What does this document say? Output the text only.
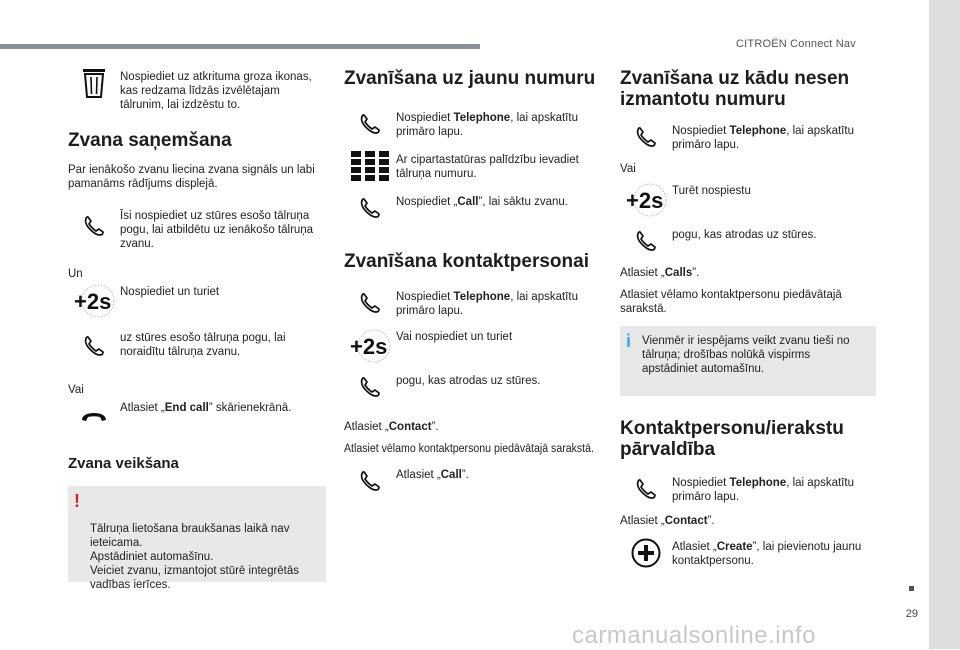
CITROËN Connect Nav
Nospiediet uz atkrituma groza ikonas, kas redzama līdzās izvēlētajam tālrunim, lai izdzēstu to.
Zvana saņemšana

Par ienākošo zvanu liecina zvana signāls un labi pamanāms rādījums displejā.

Īsi nospiediet uz stūres esošo tālruņa pogu, lai atbildētu uz ienākošo tālruņa zvanu.

Un

+2s Nospiediet un turiet
uz stūres esošo tālruņa pogu, lai noraidītu tālruņa zvanu.

Vai

Atlasiet „End call” skārienekrānā.
Zvana veikšana

!

Tālruņa lietošana braukšanas laikā nav ieteicama.
Apstādiniet automašīnu.
Veiciet zvanu, izmantojot stūrē integrētās vadības ierīces.

Zvanīšana uz jaunu numuru
Nospiediet Telephone, lai apskatītu primāro lapu.
Ar cipartastatūras palīdzību ievadiet tālruņa numuru.
Nospiediet „Call”, lai sāktu zvanu.
Zvanīšana kontaktpersonai
Nospiediet Telephone, lai apskatītu primāro lapu.
+2s Vai nospiediet un turiet
pogu, kas atrodas uz stūres.

Atlasiet „Contact”.

Atlasiet vēlamo kontaktpersonu piedāvātajā sarakstā.

Atlasiet „Call”.
Zvanīšana uz kādu nesen izmantotu numuru
Nospiediet Telephone, lai apskatītu primāro lapu.

Vai

+2s Turēt nospiestu
pogu, kas atrodas uz stūres.

Atlasiet „Calls”.

Atlasiet vēlamo kontaktpersonu piedāvātajā sarakstā.

i Vienmēr ir iespējams veikt zvanu tieši no tālruņa; drošības nolūkā vispirms apstādiniet automašīnu.
Kontaktpersonu/ierakstu pārvaldība
Nospiediet Telephone, lai apskatītu primāro lapu.

Atlasiet „Contact”.

Atlasiet „Create”, lai pievienotu jaunu kontaktpersonu.
29
carmanualsonline.info
